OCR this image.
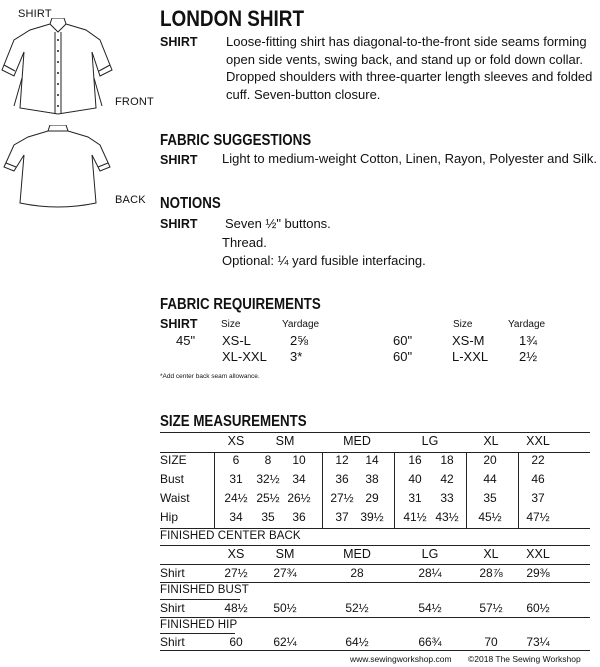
SHIRT
FRONT
BACK
LONDON SHIRT
SHIRT Loose-fitting shirt has diagonal-to-the-front side seams forming open side vents, swing back, and stand up or fold down collar. Dropped shoulders with three-quarter length sleeves and folded cuff. Seven-button closure.
FABRIC SUGGESTIONS
SHIRT Light to medium-weight Cotton, Linen, Rayon, Polyester and Silk.
NOTIONS
SHIRT Seven ½" buttons.
Thread.
Optional: ¼ yard fusible interfacing.
FABRIC REQUIREMENTS
SHIRT Size	Yardage	Size	Yardage
45" XS-L	2⅝
XL-XXL 3*
60"	XS-M	1¾
60"	L-XXL 2½
*Add center back seam allowance.
SIZE MEASUREMENTS
XS	SM	MED	LG	XL	XXL
SIZE	6	8	10	12	14	16	18	20	22
Bust	31	32½	34	36	38	40	42	44	46
Waist	24½ 25½ 26½ 27½ 29	31	33	35	37
Hip	34	35	36	37 39½ 41½ 43½ 45½ 47½
FINISHED CENTER BACK
XS	SM	MED	LG	XL	XXL
Shirt	27½	27¾	28	28¼	28⅞	29⅜
FINISHED BUST
Shirt	48½	50½	52½	54½	57½	60½
FINISHED HIP
Shirt	60	62¼	64½	66¾	70	73¼
www.sewingworkshop.com ©2018 The Sewing Workshop
